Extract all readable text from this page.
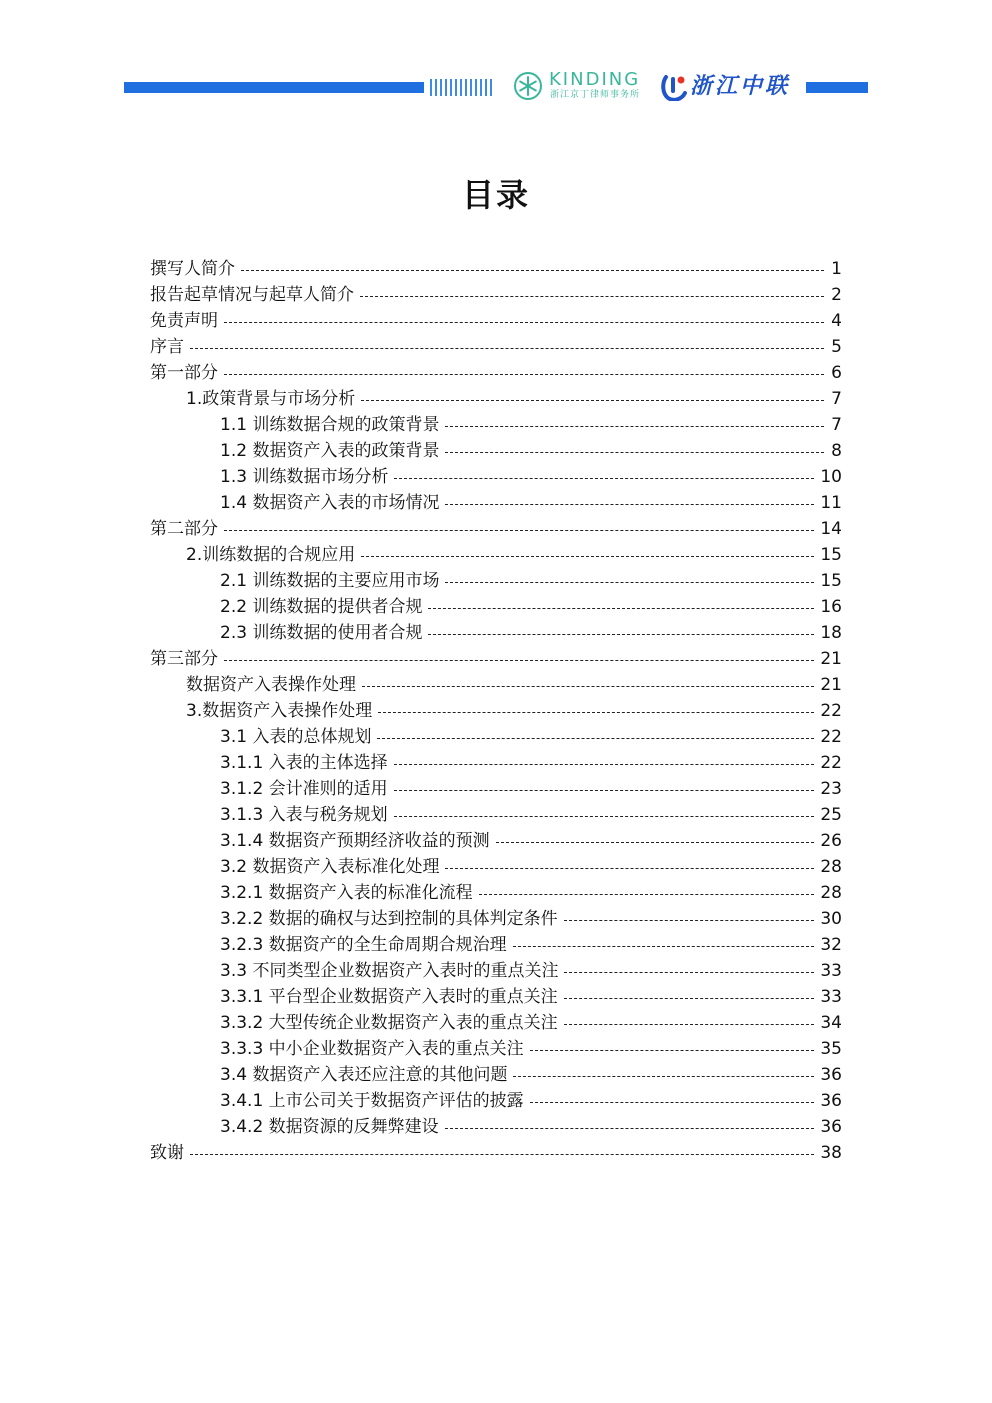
KINDING
浙江京丁律师事务所 浙江中联
目录
撰写人简介	1
报告起草情况与起草人简介	2
免责声明	4
序言	5
第一部分	6
1.政策背景与市场分析	7
1.1 训练数据合规的政策背景	7
1.2 数据资产入表的政策背景	8
1.3 训练数据市场分析	10
1.4 数据资产入表的市场情况	11
第二部分	14
2.训练数据的合规应用	15
2.1 训练数据的主要应用市场	15
2.2 训练数据的提供者合规	16
2.3 训练数据的使用者合规	18
第三部分	21
数据资产入表操作处理	21
3.数据资产入表操作处理	22
3.1 入表的总体规划	22
3.1.1 入表的主体选择	22
3.1.2 会计准则的适用	23
3.1.3 入表与税务规划	25
3.1.4 数据资产预期经济收益的预测	26
3.2 数据资产入表标准化处理	28
3.2.1 数据资产入表的标准化流程	28
3.2.2 数据的确权与达到控制的具体判定条件	30
3.2.3 数据资产的全生命周期合规治理	32
3.3 不同类型企业数据资产入表时的重点关注	33
3.3.1 平台型企业数据资产入表时的重点关注	33
3.3.2 大型传统企业数据资产入表的重点关注	34
3.3.3 中小企业数据资产入表的重点关注	35
3.4 数据资产入表还应注意的其他问题	36
3.4.1 上市公司关于数据资产评估的披露	36
3.4.2 数据资源的反舞弊建设	36
致谢	38
